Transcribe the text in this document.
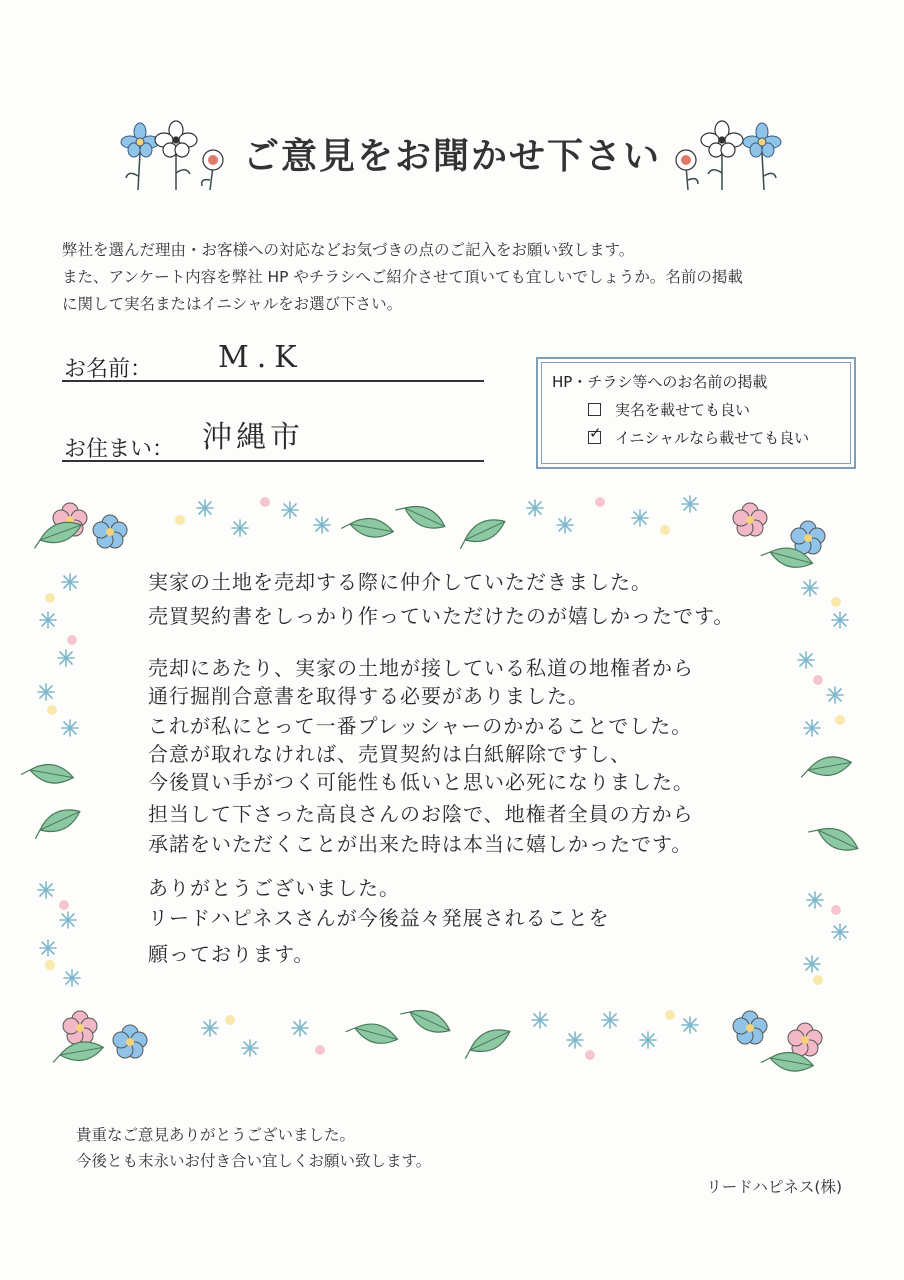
ご意見をお聞かせ下さい
弊社を選んだ理由・お客様への対応などお気づきの点のご記入をお願い致します。
また、アンケート内容を弊社 HP やチラシへご紹介させて頂いても宜しいでしょうか。名前の掲載
に関して実名またはイニシャルをお選び下さい。
お名前： M.K
お住まい： 沖縄市
HP・チラシ等へのお名前の掲載
実名を載せても良い
✓
イニシャルなら載せても良い
実家の土地を売却する際に仲介していただきました。
売買契約書をしっかり作っていただけたのが嬉しかったです。
売却にあたり、実家の土地が接している私道の地権者から
通行掘削合意書を取得する必要がありました。
これが私にとって一番プレッシャーのかかることでした。
合意が取れなければ、売買契約は白紙解除ですし、
今後買い手がつく可能性も低いと思い必死になりました。
担当して下さった高良さんのお陰で、地権者全員の方から
承諾をいただくことが出来た時は本当に嬉しかったです。
ありがとうございました。
リードハピネスさんが今後益々発展されることを
願っております。
貴重なご意見ありがとうございました。
今後とも末永いお付き合い宜しくお願い致します。
リードハピネス(株)
